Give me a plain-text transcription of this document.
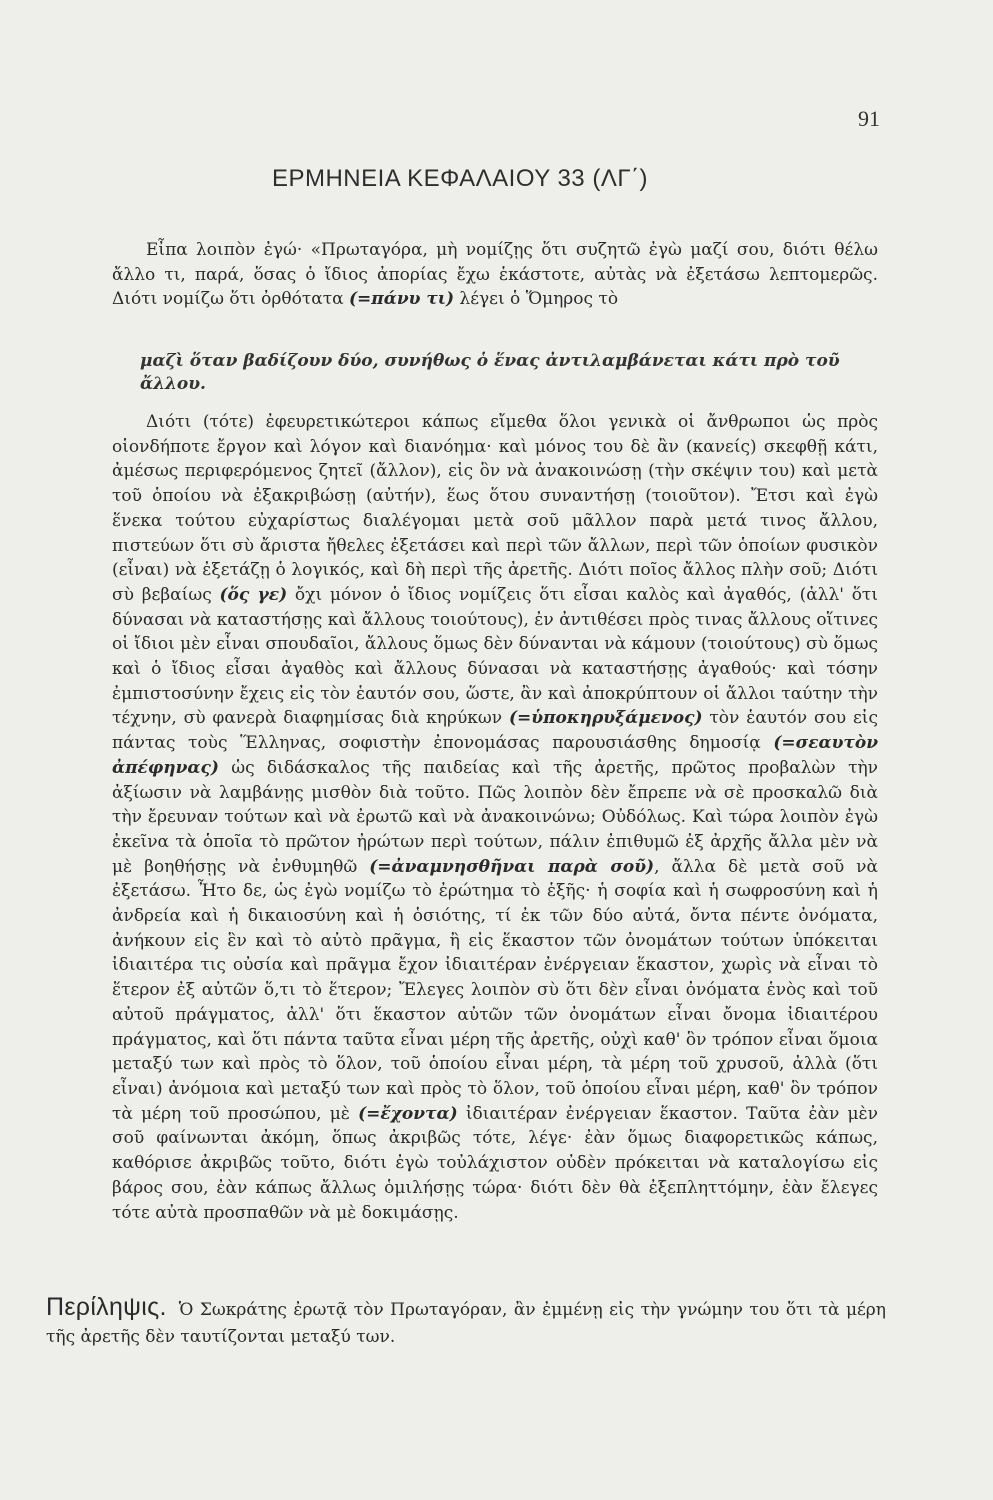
91
ΕΡΜΗΝΕΙΑ ΚΕΦΑΛΑΙΟΥ 33 (ΛΓ΄)

Εἶπα λοιπὸν ἐγώ· «Πρωταγόρα, μὴ νομίζῃς ὅτι συζητῶ ἐγὼ μαζί σου, διότι θέλω ἄλλο τι, παρά, ὅσας ὁ ἴδιος ἀπορίας ἔχω ἑκάστοτε, αὐτὰς νὰ ἐξετάσω λεπτομερῶς. Διότι νομίζω ὅτι ὀρθότατα (=πάνυ τι) λέγει ὁ Ὅμηρος τὸ

μαζὶ ὅταν βαδίζουν δύο, συνήθως ὁ ἕνας ἀντιλαμβάνεται κάτι πρὸ τοῦ ἄλλου.

Διότι (τότε) ἐφευρετικώτεροι κάπως εἴμεθα ὅλοι γενικὰ οἱ ἄνθρωποι ὡς πρὸς οἱονδήποτε ἔργον καὶ λόγον καὶ διανόημα· καὶ μόνος του δὲ ἂν (κανείς) σκεφθῇ κάτι, ἀμέσως περιφερόμενος ζητεῖ (ἄλλον), εἰς ὃν νὰ ἀνακοινώσῃ (τὴν σκέψιν του) καὶ μετὰ τοῦ ὁποίου νὰ ἐξακριβώσῃ (αὐτήν), ἕως ὅτου συναντήσῃ (τοιοῦτον). Ἔτσι καὶ ἐγὼ ἕνεκα τούτου εὐχαρίστως διαλέγομαι μετὰ σοῦ μᾶλλον παρὰ μετά τινος ἄλλου, πιστεύων ὅτι σὺ ἄριστα ἤθελες ἐξετάσει καὶ περὶ τῶν ἄλλων, περὶ τῶν ὁποίων φυσικὸν (εἶναι) νὰ ἐξετάζῃ ὁ λογικός, καὶ δὴ περὶ τῆς ἀρετῆς. Διότι ποῖος ἄλλος πλὴν σοῦ; Διότι σὺ βεβαίως (ὅς γε) ὄχι μόνον ὁ ἴδιος νομίζεις ὅτι εἶσαι καλὸς καὶ ἀγαθός, (ἀλλ' ὅτι δύνασαι νὰ καταστήσῃς καὶ ἄλλους τοιούτους), ἐν ἀντιθέσει πρὸς τινας ἄλλους οἵτινες οἱ ἴδιοι μὲν εἶναι σπουδαῖοι, ἄλλους ὅμως δὲν δύνανται νὰ κάμουν (τοιούτους) σὺ ὅμως καὶ ὁ ἴδιος εἶσαι ἀγαθὸς καὶ ἄλλους δύνασαι νὰ καταστήσῃς ἀγαθούς· καὶ τόσην ἐμπιστοσύνην ἔχεις εἰς τὸν ἑαυτόν σου, ὥστε, ἂν καὶ ἀποκρύπτουν οἱ ἄλλοι ταύτην τὴν τέχνην, σὺ φανερὰ διαφημίσας διὰ κηρύκων (=ὑποκηρυξάμενος) τὸν ἑαυτόν σου εἰς πάντας τοὺς Ἕλληνας, σοφιστὴν ἐπονομάσας παρουσιάσθης δημοσίᾳ (=σεαυτὸν ἀπέφηνας) ὡς διδάσκαλος τῆς παιδείας καὶ τῆς ἀρετῆς, πρῶτος προβαλὼν τὴν ἀξίωσιν νὰ λαμβάνῃς μισθὸν διὰ τοῦτο. Πῶς λοιπὸν δὲν ἔπρεπε νὰ σὲ προσκαλῶ διὰ τὴν ἔρευναν τούτων καὶ νὰ ἐρωτῶ καὶ νὰ ἀνακοινώνω; Οὐδόλως. Καὶ τώρα λοιπὸν ἐγὼ ἐκεῖνα τὰ ὁποῖα τὸ πρῶτον ἠρώτων περὶ τούτων, πάλιν ἐπιθυμῶ ἐξ ἀρχῆς ἄλλα μὲν νὰ μὲ βοηθήσῃς νὰ ἐνθυμηθῶ (=ἀναμνησθῆναι παρὰ σοῦ), ἄλλα δὲ μετὰ σοῦ νὰ ἐξετάσω. Ἦτο δε, ὡς ἐγὼ νομίζω τὸ ἐρώτημα τὸ ἑξῆς· ἡ σοφία καὶ ἡ σωφροσύνη καὶ ἡ ἀνδρεία καὶ ἡ δικαιοσύνη καὶ ἡ ὁσιότης, τί ἐκ τῶν δύο αὐτά, ὄντα πέντε ὀνόματα, ἀνήκουν εἰς ἓν καὶ τὸ αὐτὸ πρᾶγμα, ἢ εἰς ἕκαστον τῶν ὀνομάτων τούτων ὑπόκειται ἰδιαιτέρα τις οὐσία καὶ πρᾶγμα ἔχον ἰδιαιτέραν ἐνέργειαν ἕκαστον, χωρὶς νὰ εἶναι τὸ ἕτερον ἐξ αὐτῶν ὅ,τι τὸ ἕτερον; Ἔλεγες λοιπὸν σὺ ὅτι δὲν εἶναι ὀνόματα ἑνὸς καὶ τοῦ αὐτοῦ πράγματος, ἀλλ' ὅτι ἕκαστον αὐτῶν τῶν ὀνομάτων εἶναι ὄνομα ἰδιαιτέρου πράγματος, καὶ ὅτι πάντα ταῦτα εἶναι μέρη τῆς ἀρετῆς, οὐχὶ καθ' ὃν τρόπον εἶναι ὅμοια μεταξύ των καὶ πρὸς τὸ ὅλον, τοῦ ὁποίου εἶναι μέρη, τὰ μέρη τοῦ χρυσοῦ, ἀλλὰ (ὅτι εἶναι) ἀνόμοια καὶ μεταξύ των καὶ πρὸς τὸ ὅλον, τοῦ ὁποίου εἶναι μέρη, καθ' ὃν τρόπον τὰ μέρη τοῦ προσώπου, μὲ (=ἔχοντα) ἰδιαιτέραν ἐνέργειαν ἕκαστον. Ταῦτα ἐὰν μὲν σοῦ φαίνωνται ἀκόμη, ὅπως ἀκριβῶς τότε, λέγε· ἐὰν ὅμως διαφορετικῶς κάπως, καθόρισε ἀκριβῶς τοῦτο, διότι ἐγὼ τοὐλάχιστον οὐδὲν πρόκειται νὰ καταλογίσω εἰς βάρος σου, ἐὰν κάπως ἄλλως ὁμιλήσῃς τώρα· διότι δὲν θὰ ἐξεπληττόμην, ἐὰν ἔλεγες τότε αὐτὰ προσπαθῶν νὰ μὲ δοκιμάσῃς.

Περίληψις. Ὁ Σωκράτης ἐρωτᾷ τὸν Πρωταγόραν, ἂν ἐμμένῃ εἰς τὴν γνώμην του ὅτι τὰ μέρη τῆς ἀρετῆς δὲν ταυτίζονται μεταξύ των.
